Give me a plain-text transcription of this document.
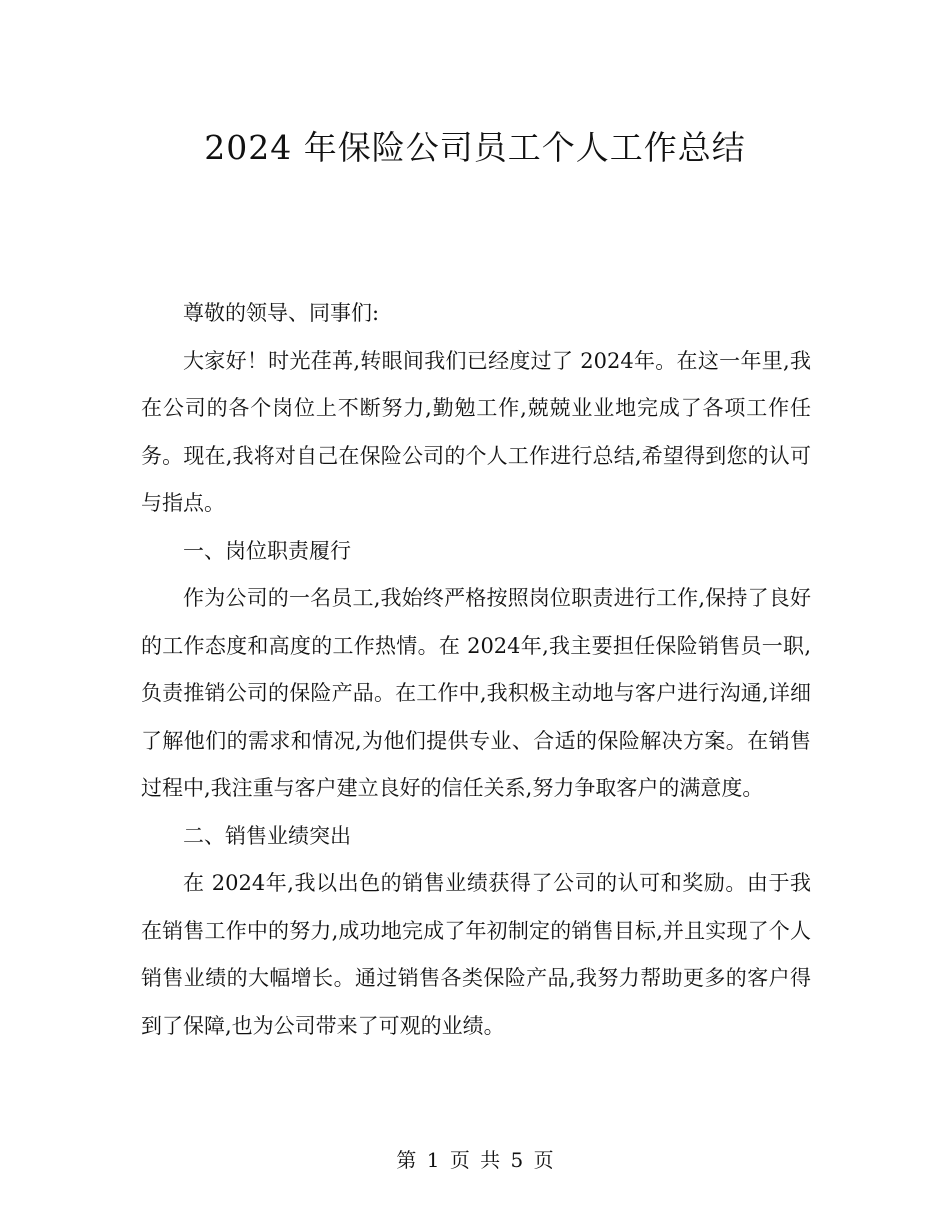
2024 年保险公司员工个人工作总结

尊敬的领导、同事们:

大家好！时光荏苒,转眼间我们已经度过了 2024年。在这一年里,我在公司的各个岗位上不断努力,勤勉工作,兢兢业业地完成了各项工作任务。现在,我将对自己在保险公司的个人工作进行总结,希望得到您的认可与指点。

一、岗位职责履行

作为公司的一名员工,我始终严格按照岗位职责进行工作,保持了良好的工作态度和高度的工作热情。在 2024年,我主要担任保险销售员一职,负责推销公司的保险产品。在工作中,我积极主动地与客户进行沟通,详细了解他们的需求和情况,为他们提供专业、合适的保险解决方案。在销售过程中,我注重与客户建立良好的信任关系,努力争取客户的满意度。

二、销售业绩突出

在 2024年,我以出色的销售业绩获得了公司的认可和奖励。由于我在销售工作中的努力,成功地完成了年初制定的销售目标,并且实现了个人销售业绩的大幅增长。通过销售各类保险产品,我努力帮助更多的客户得到了保障,也为公司带来了可观的业绩。

第 1 页 共 5 页
